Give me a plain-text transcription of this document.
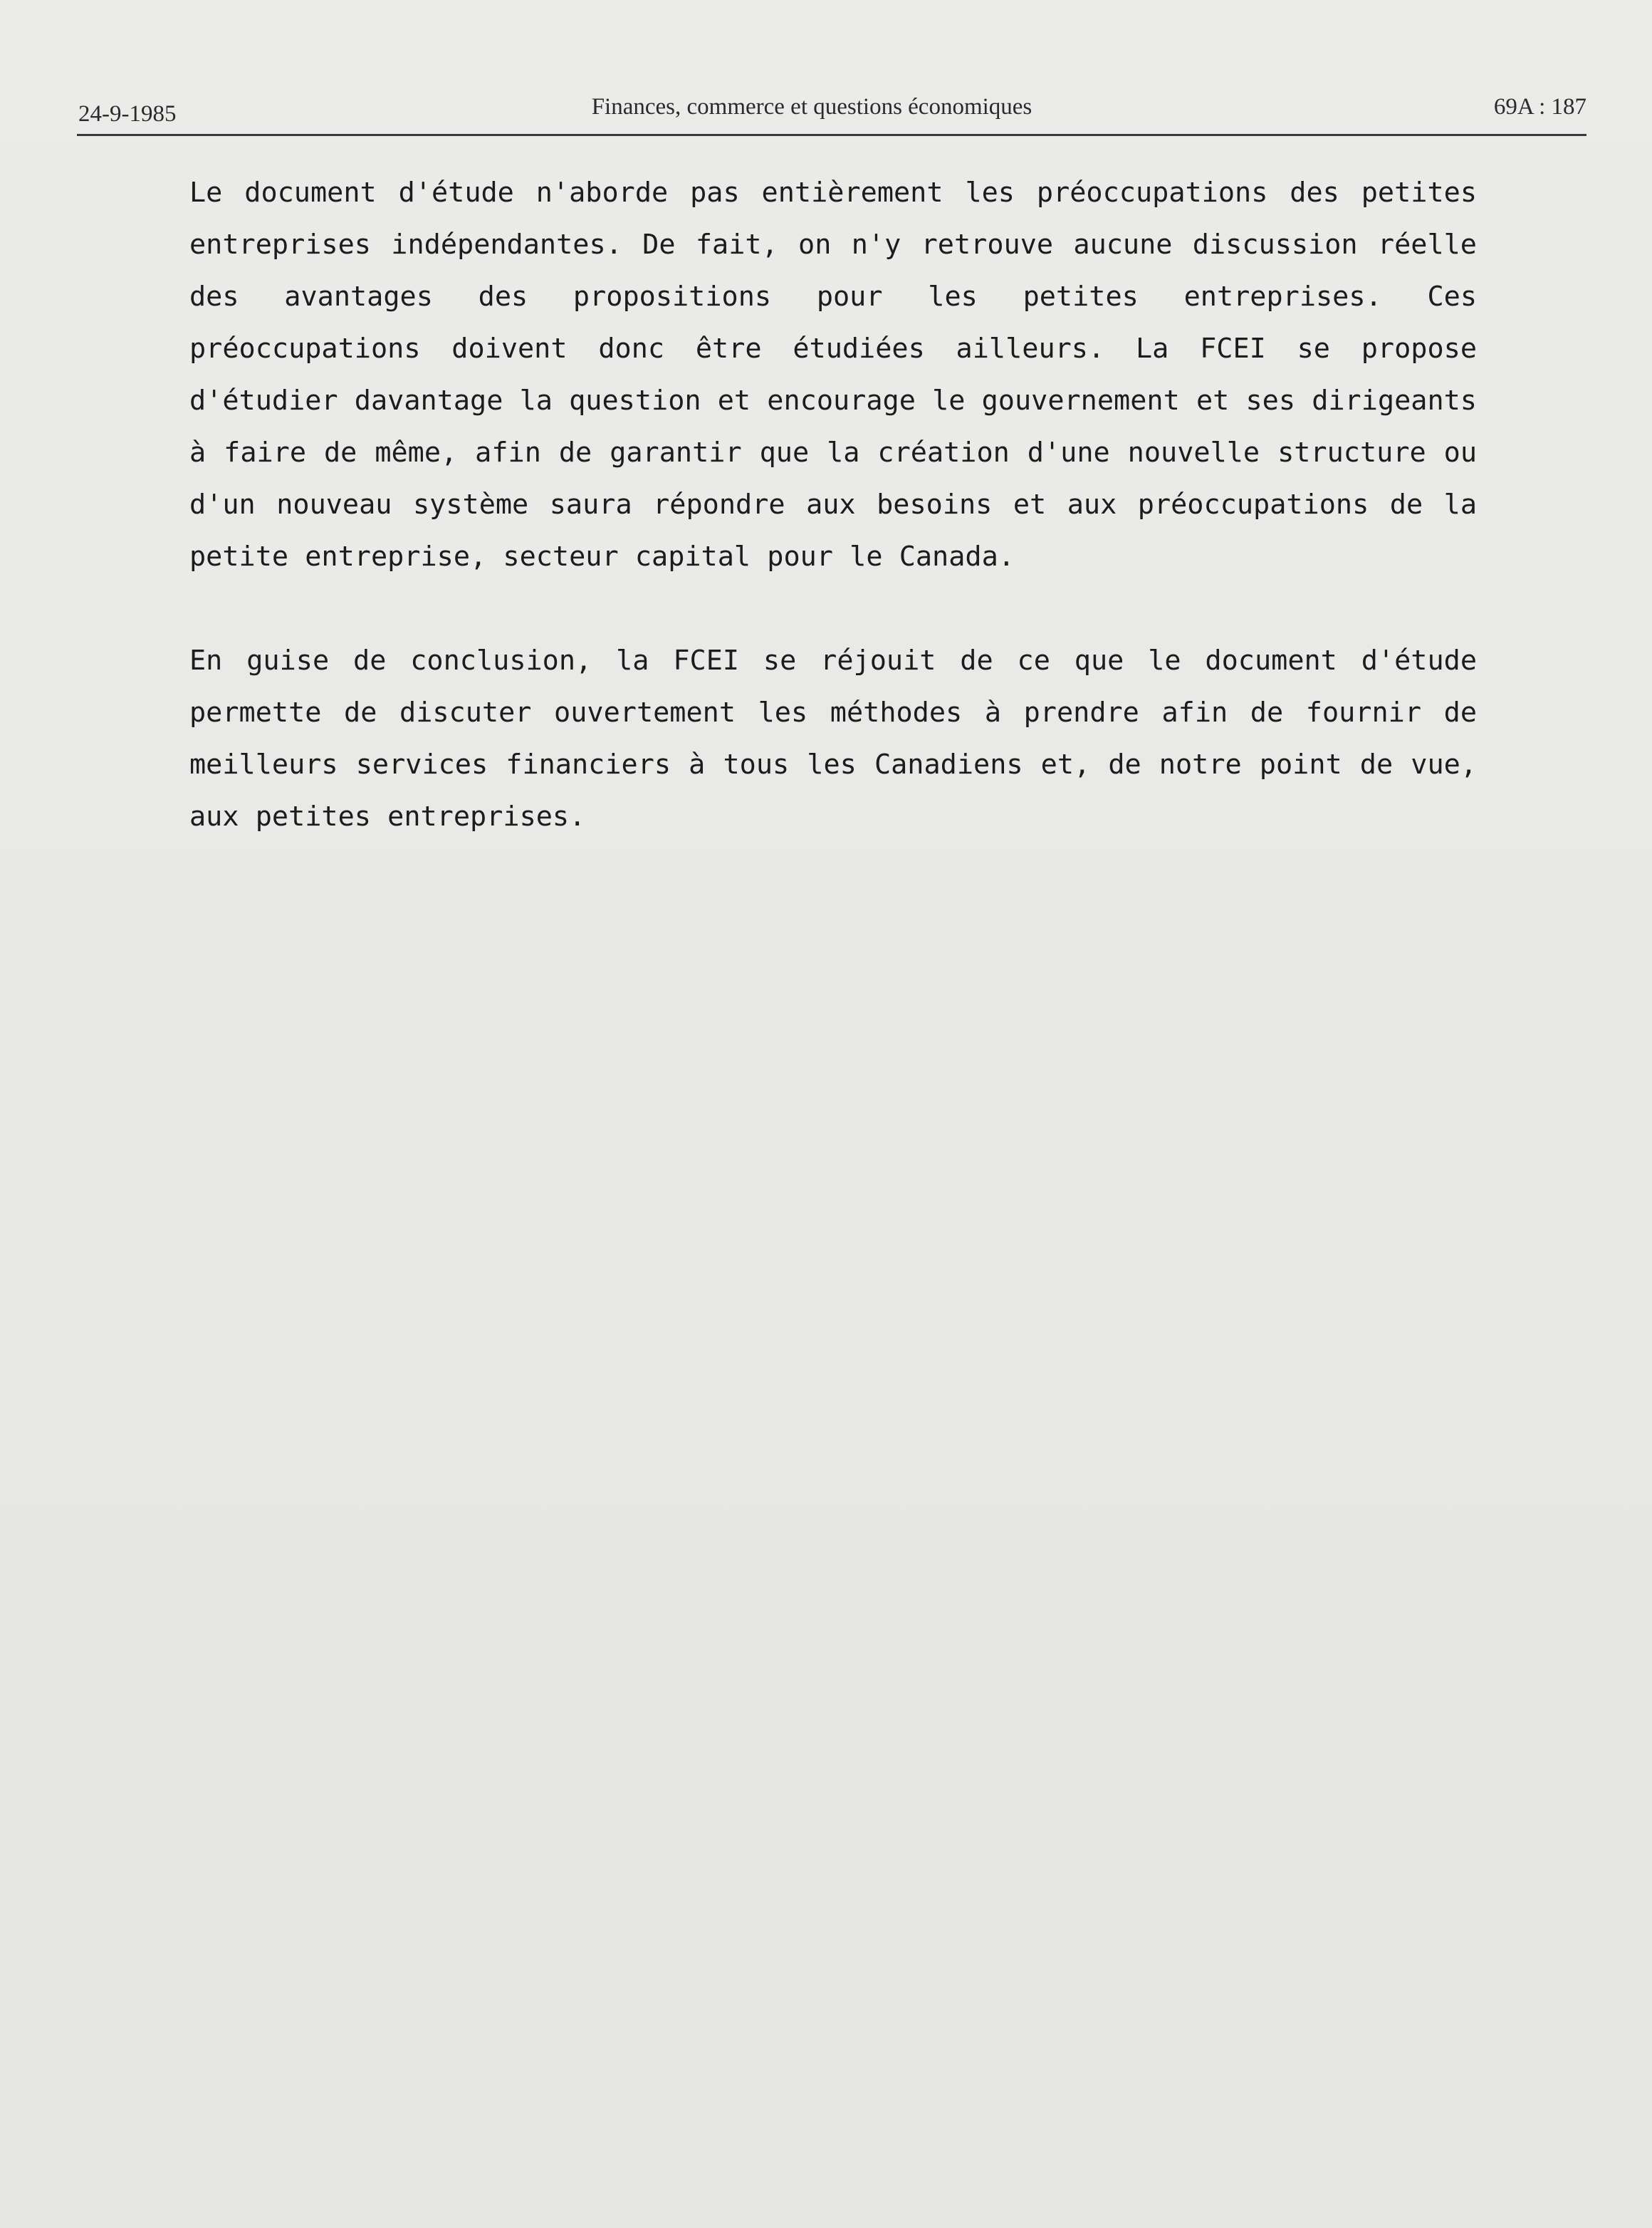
24-9-1985	Finances, commerce et questions économiques	69A : 187

Le document d'étude n'aborde pas entièrement les préoccupations des petites entreprises indépendantes. De fait, on n'y retrouve aucune discussion réelle des avantages des propositions pour les petites entreprises. Ces préoccupations doivent donc être étudiées ailleurs. La FCEI se propose d'étudier davantage la question et encourage le gouvernement et ses dirigeants à faire de même, afin de garantir que la création d'une nouvelle structure ou d'un nouveau système saura répondre aux besoins et aux préoccupations de la petite entreprise, secteur capital pour le Canada.

En guise de conclusion, la FCEI se réjouit de ce que le document d'étude permette de discuter ouvertement les méthodes à prendre afin de fournir de meilleurs services financiers à tous les Canadiens et, de notre point de vue, aux petites entreprises.
